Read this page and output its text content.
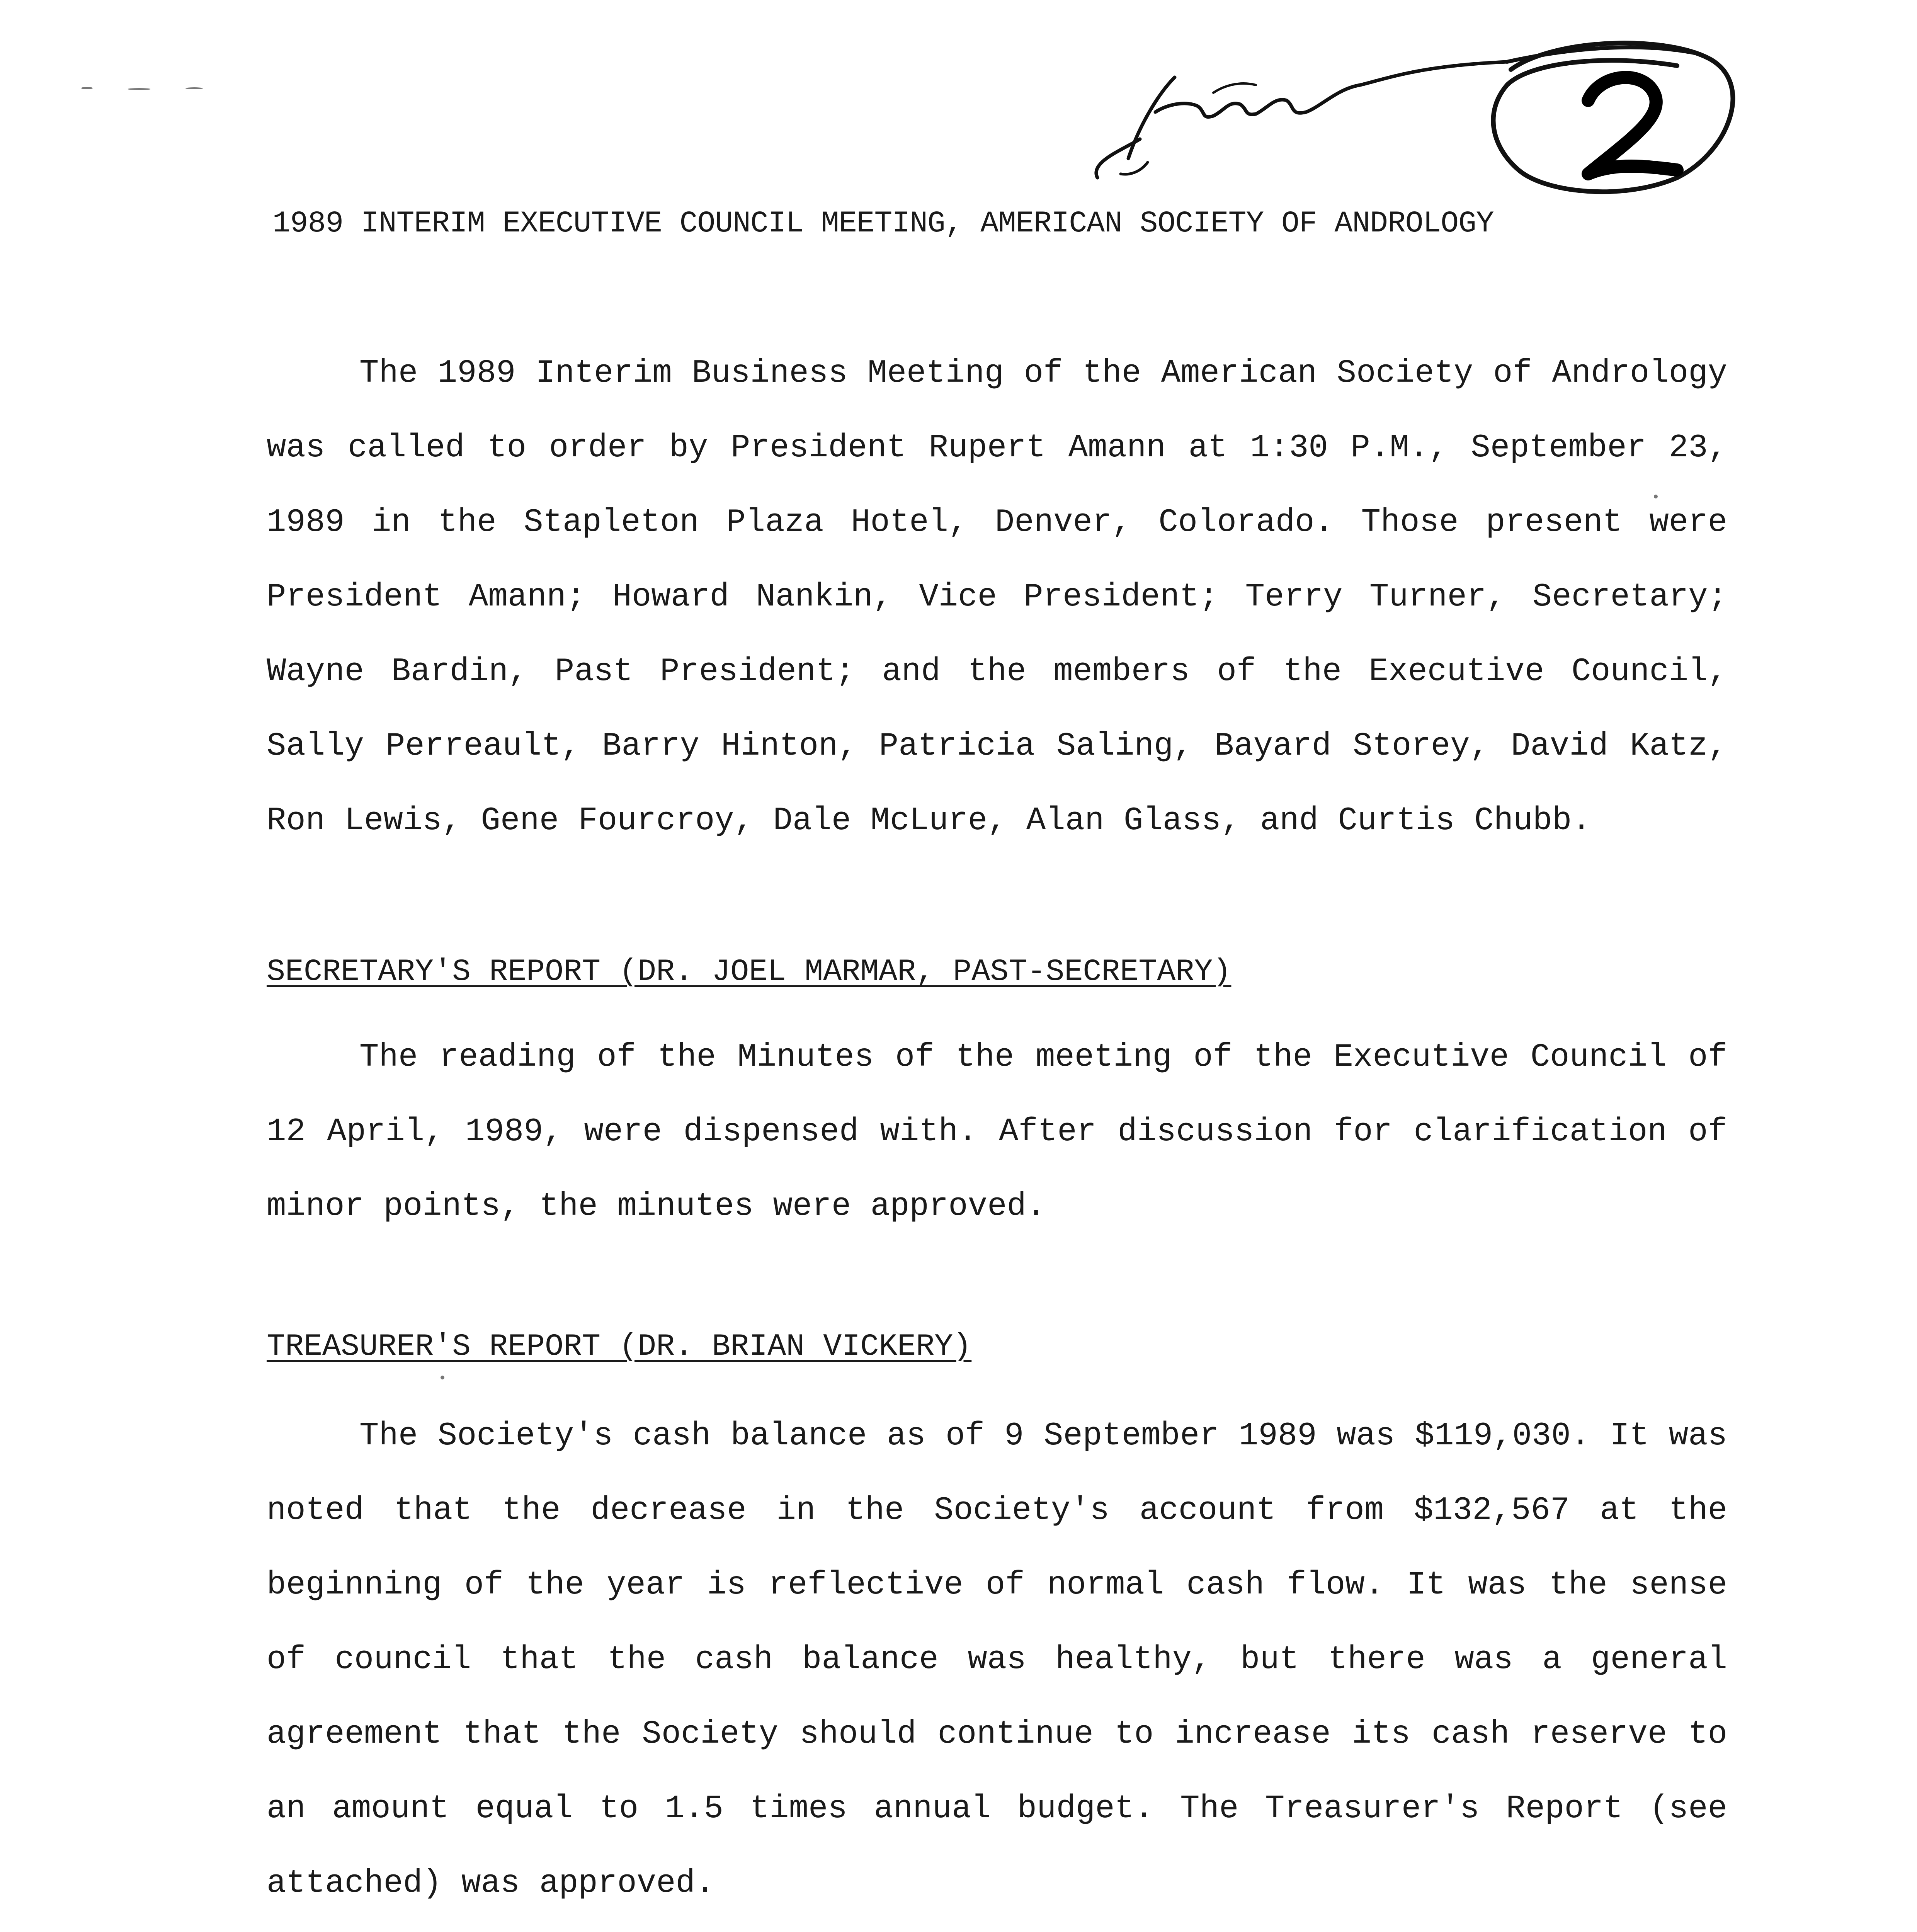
1989 INTERIM EXECUTIVE COUNCIL MEETING, AMERICAN SOCIETY OF ANDROLOGY

The 1989 Interim Business Meeting of the American Society of Andrology was called to order by President Rupert Amann at 1:30 P.M., September 23, 1989 in the Stapleton Plaza Hotel, Denver, Colorado. Those present were President Amann; Howard Nankin, Vice President; Terry Turner, Secretary; Wayne Bardin, Past President; and the members of the Executive Council, Sally Perreault, Barry Hinton, Patricia Saling, Bayard Storey, David Katz, Ron Lewis, Gene Fourcroy, Dale McLure, Alan Glass, and Curtis Chubb.

SECRETARY'S REPORT (DR. JOEL MARMAR, PAST-SECRETARY)

The reading of the Minutes of the meeting of the Executive Council of 12 April, 1989, were dispensed with. After discussion for clarification of minor points, the minutes were approved.

TREASURER'S REPORT (DR. BRIAN VICKERY)

The Society's cash balance as of 9 September 1989 was $119,030. It was noted that the decrease in the Society's account from $132,567 at the beginning of the year is reflective of normal cash flow. It was the sense of council that the cash balance was healthy, but there was a general agreement that the Society should continue to increase its cash reserve to an amount equal to 1.5 times annual budget. The Treasurer's Report (see attached) was approved.
